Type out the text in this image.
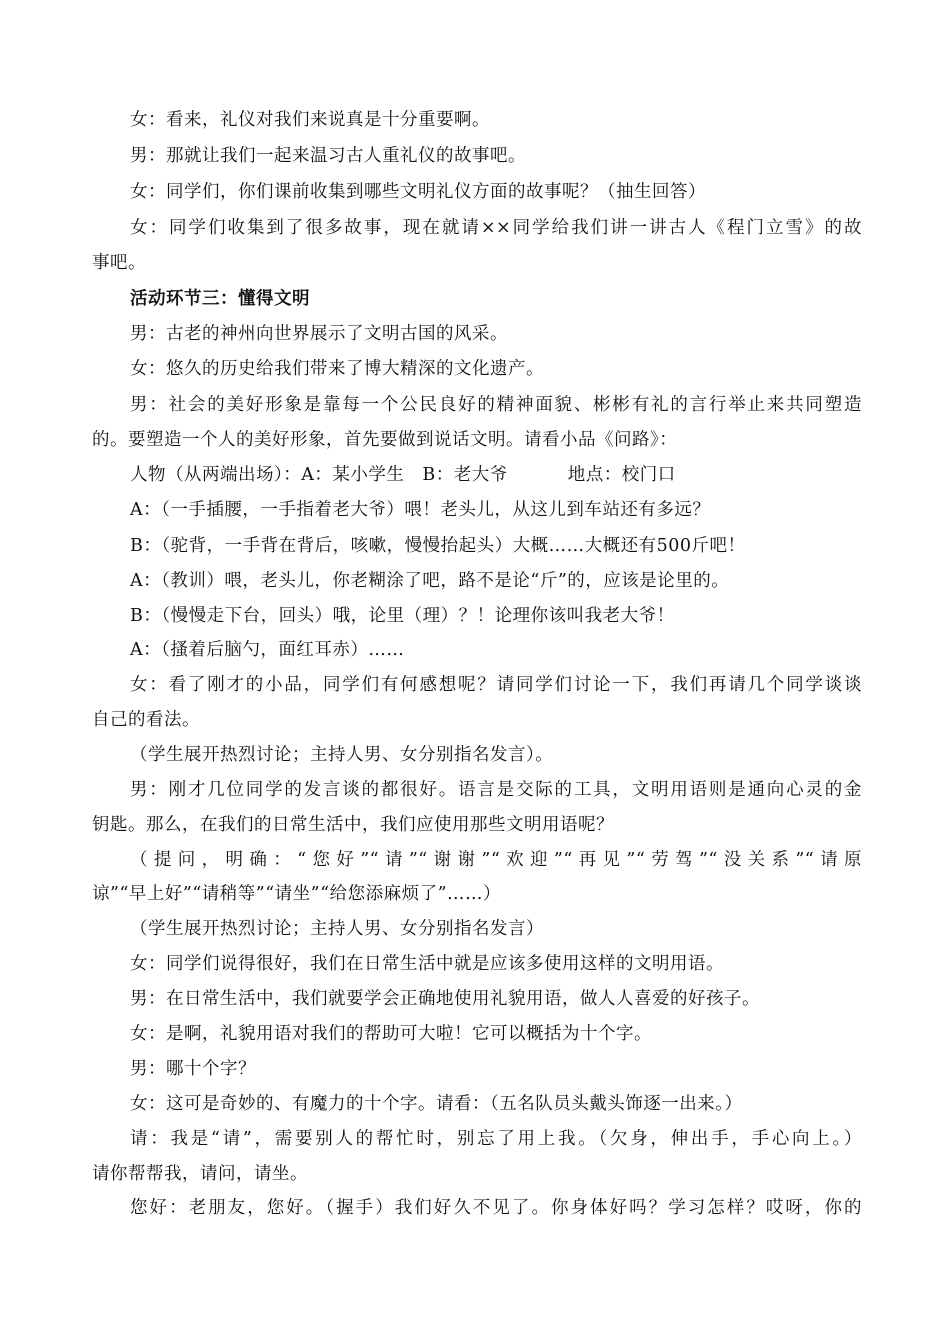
女：看来，礼仪对我们来说真是十分重要啊。
男：那就让我们一起来温习古人重礼仪的故事吧。
女：同学们，你们课前收集到哪些文明礼仪方面的故事呢？（抽生回答）
女：同学们收集到了很多故事，现在就请××同学给我们讲一讲古人《程门立雪》的故
事吧。
活动环节三：懂得文明
男：古老的神州向世界展示了文明古国的风采。
女：悠久的历史给我们带来了博大精深的文化遗产。
男：社会的美好形象是靠每一个公民良好的精神面貌、彬彬有礼的言行举止来共同塑造
的。要塑造一个人的美好形象，首先要做到说话文明。请看小品《问路》：
人物（从两端出场）：A：某小学生　B：老大爷	地点：校门口
A：（一手插腰，一手指着老大爷）喂！老头儿，从这儿到车站还有多远？
B：（驼背，一手背在背后，咳嗽，慢慢抬起头）大概……大概还有500斤吧！
A：（教训）喂，老头儿，你老糊涂了吧，路不是论“斤”的，应该是论里的。
B：（慢慢走下台，回头）哦，论里（理）？！论理你该叫我老大爷！
A：（搔着后脑勺，面红耳赤）……
女：看了刚才的小品，同学们有何感想呢？请同学们讨论一下，我们再请几个同学谈谈
自己的看法。
（学生展开热烈讨论；主持人男、女分别指名发言）。
男：刚才几位同学的发言谈的都很好。语言是交际的工具，文明用语则是通向心灵的金
钥匙。那么，在我们的日常生活中，我们应使用那些文明用语呢？
（提问，明确：“您好”“请”“谢谢”“欢迎”“再见”“劳驾”“没关系”“请原
谅”“早上好”“请稍等”“请坐”“给您添麻烦了”……）
（学生展开热烈讨论；主持人男、女分别指名发言）
女：同学们说得很好，我们在日常生活中就是应该多使用这样的文明用语。
男：在日常生活中，我们就要学会正确地使用礼貌用语，做人人喜爱的好孩子。
女：是啊，礼貌用语对我们的帮助可大啦！它可以概括为十个字。
男：哪十个字？
女：这可是奇妙的、有魔力的十个字。请看：（五名队员头戴头饰逐一出来。）
请：我是“请”，需要别人的帮忙时，别忘了用上我。（欠身，伸出手，手心向上。）
请你帮帮我，请问，请坐。
您好：老朋友，您好。（握手）我们好久不见了。你身体好吗？学习怎样？哎呀，你的
